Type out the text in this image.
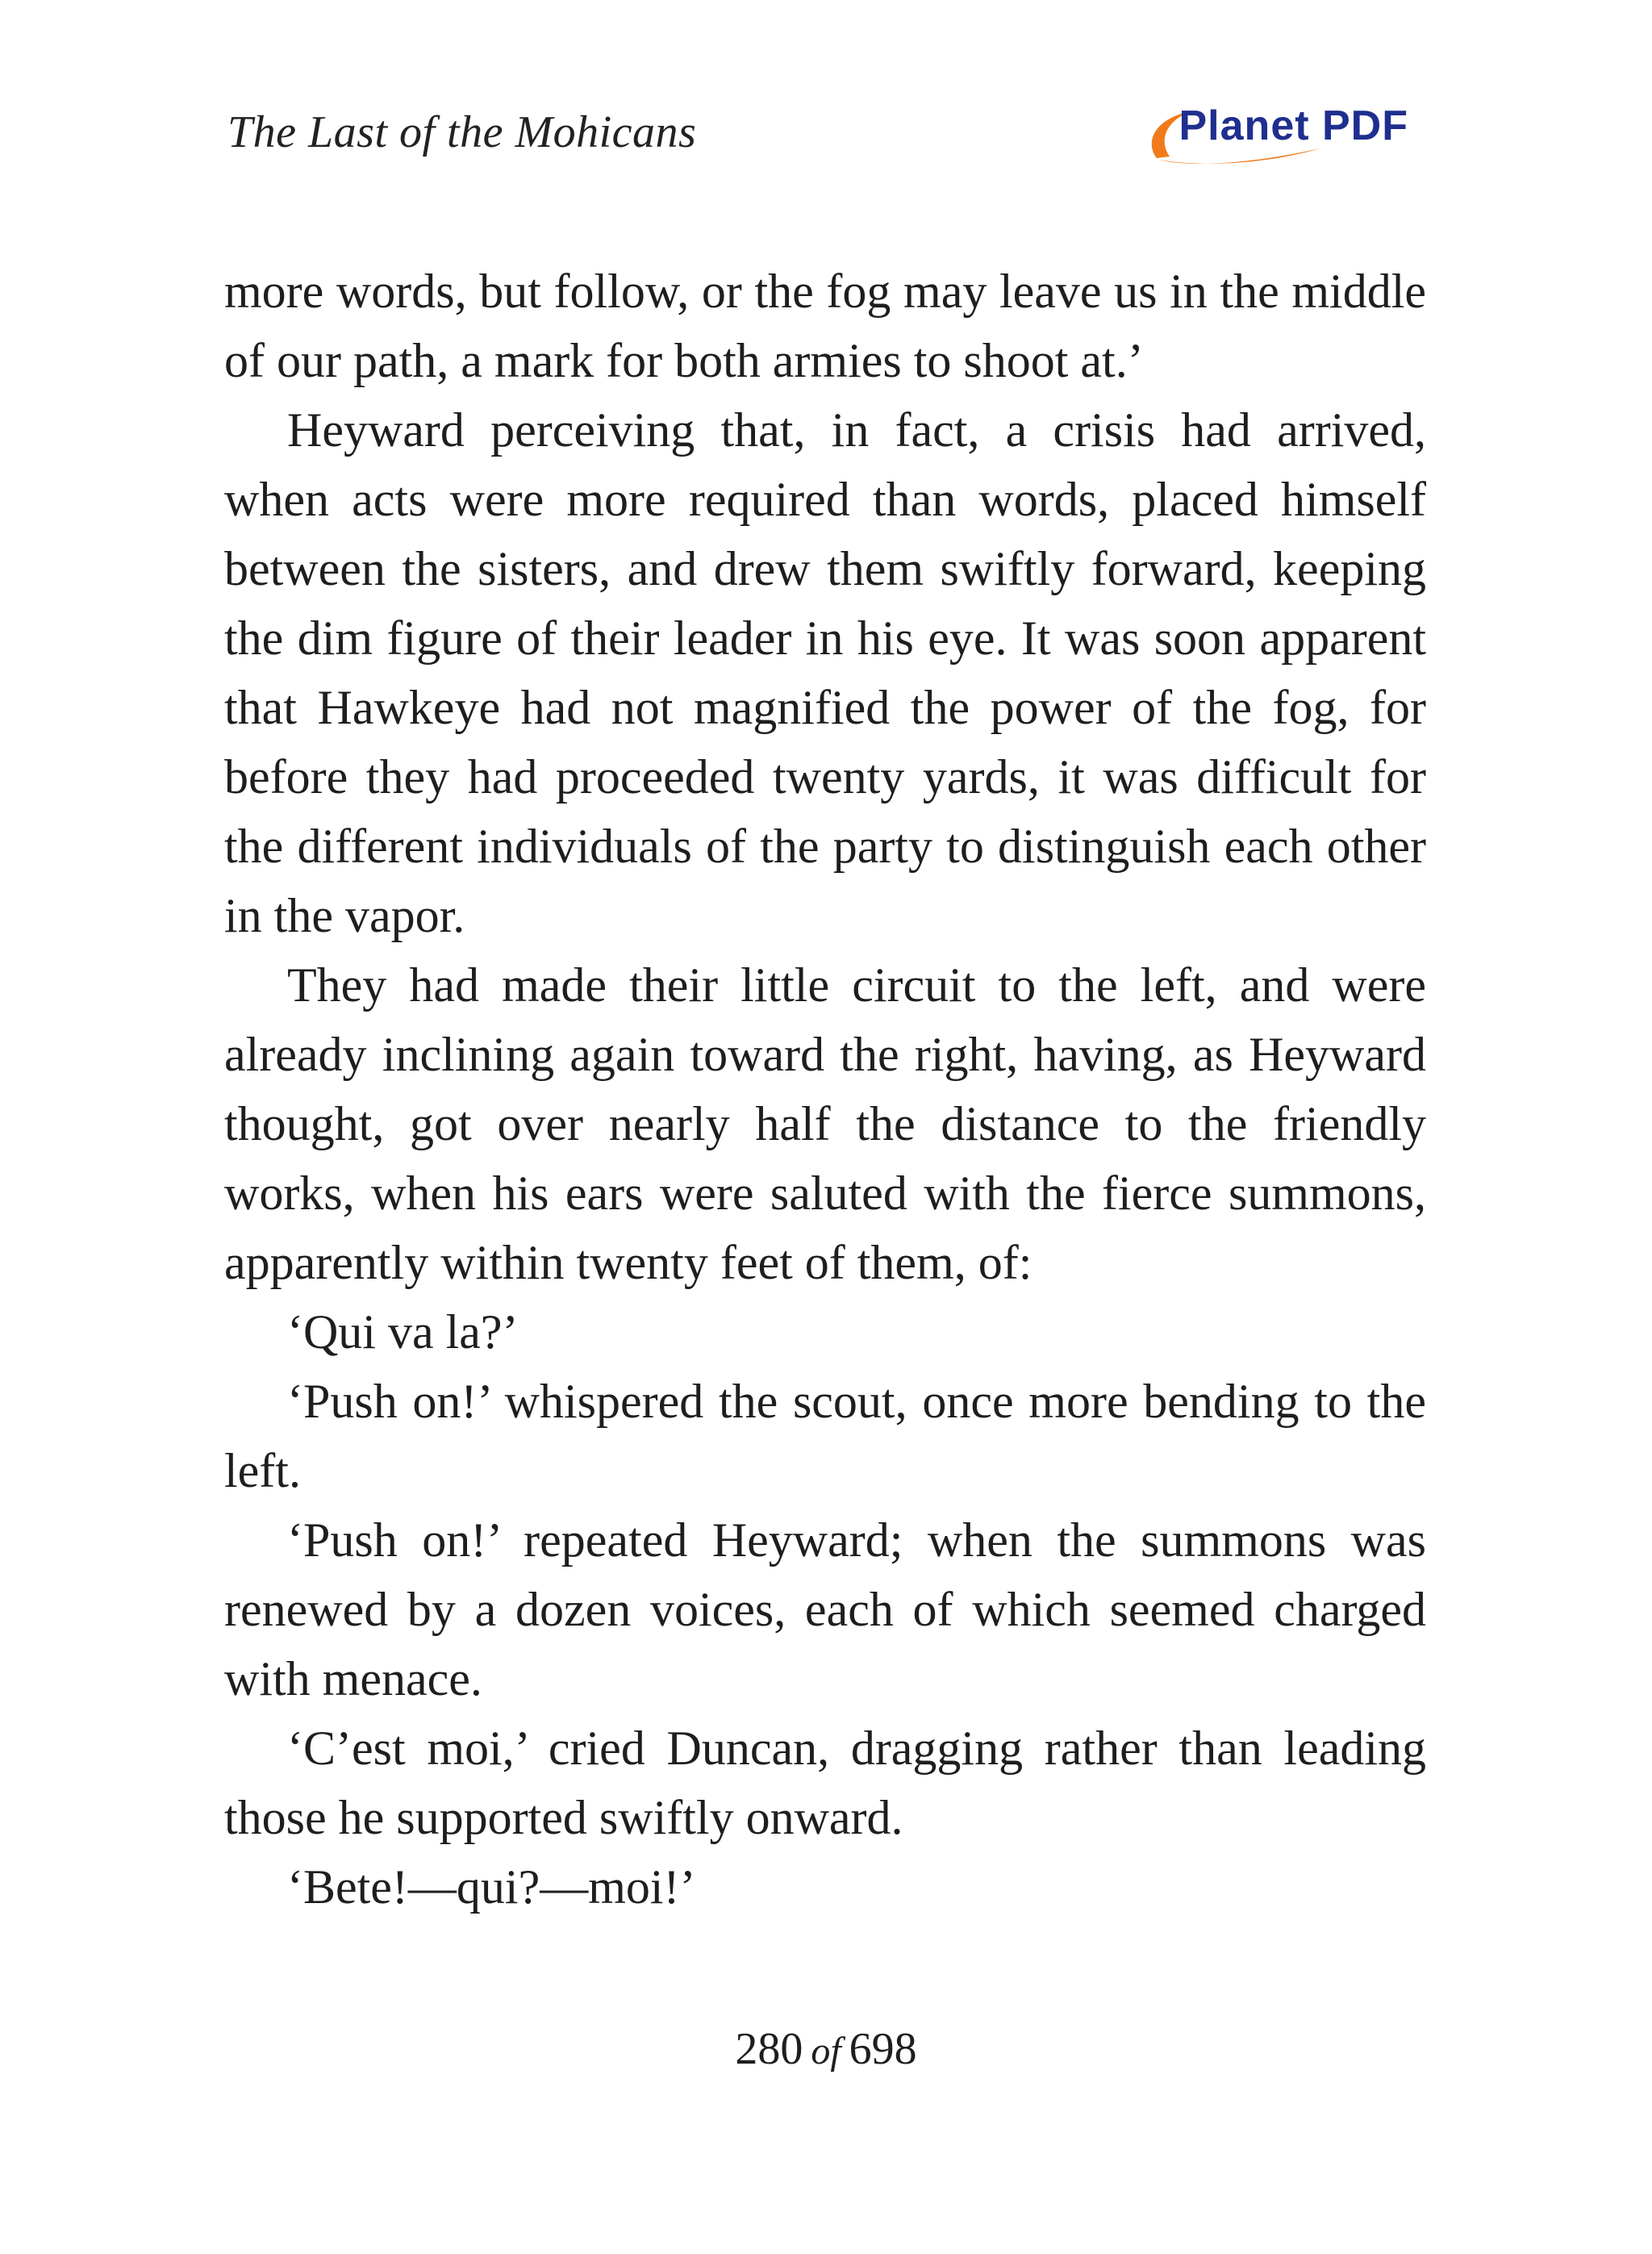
The Last of the Mohicans	Planet PDF

more words, but follow, or the fog may leave us in the middle of our path, a mark for both armies to shoot at.’

Heyward perceiving that, in fact, a crisis had arrived, when acts were more required than words, placed himself between the sisters, and drew them swiftly forward, keeping the dim figure of their leader in his eye. It was soon apparent that Hawkeye had not magnified the power of the fog, for before they had proceeded twenty yards, it was difficult for the different individuals of the party to distinguish each other in the vapor.

They had made their little circuit to the left, and were already inclining again toward the right, having, as Heyward thought, got over nearly half the distance to the friendly works, when his ears were saluted with the fierce summons, apparently within twenty feet of them, of:

‘Qui va la?’

‘Push on!’ whispered the scout, once more bending to the left.

‘Push on!’ repeated Heyward; when the summons was renewed by a dozen voices, each of which seemed charged with menace.

‘C’est moi,’ cried Duncan, dragging rather than leading those he supported swiftly onward.

‘Bete!—qui?—moi!’

280 of 698
